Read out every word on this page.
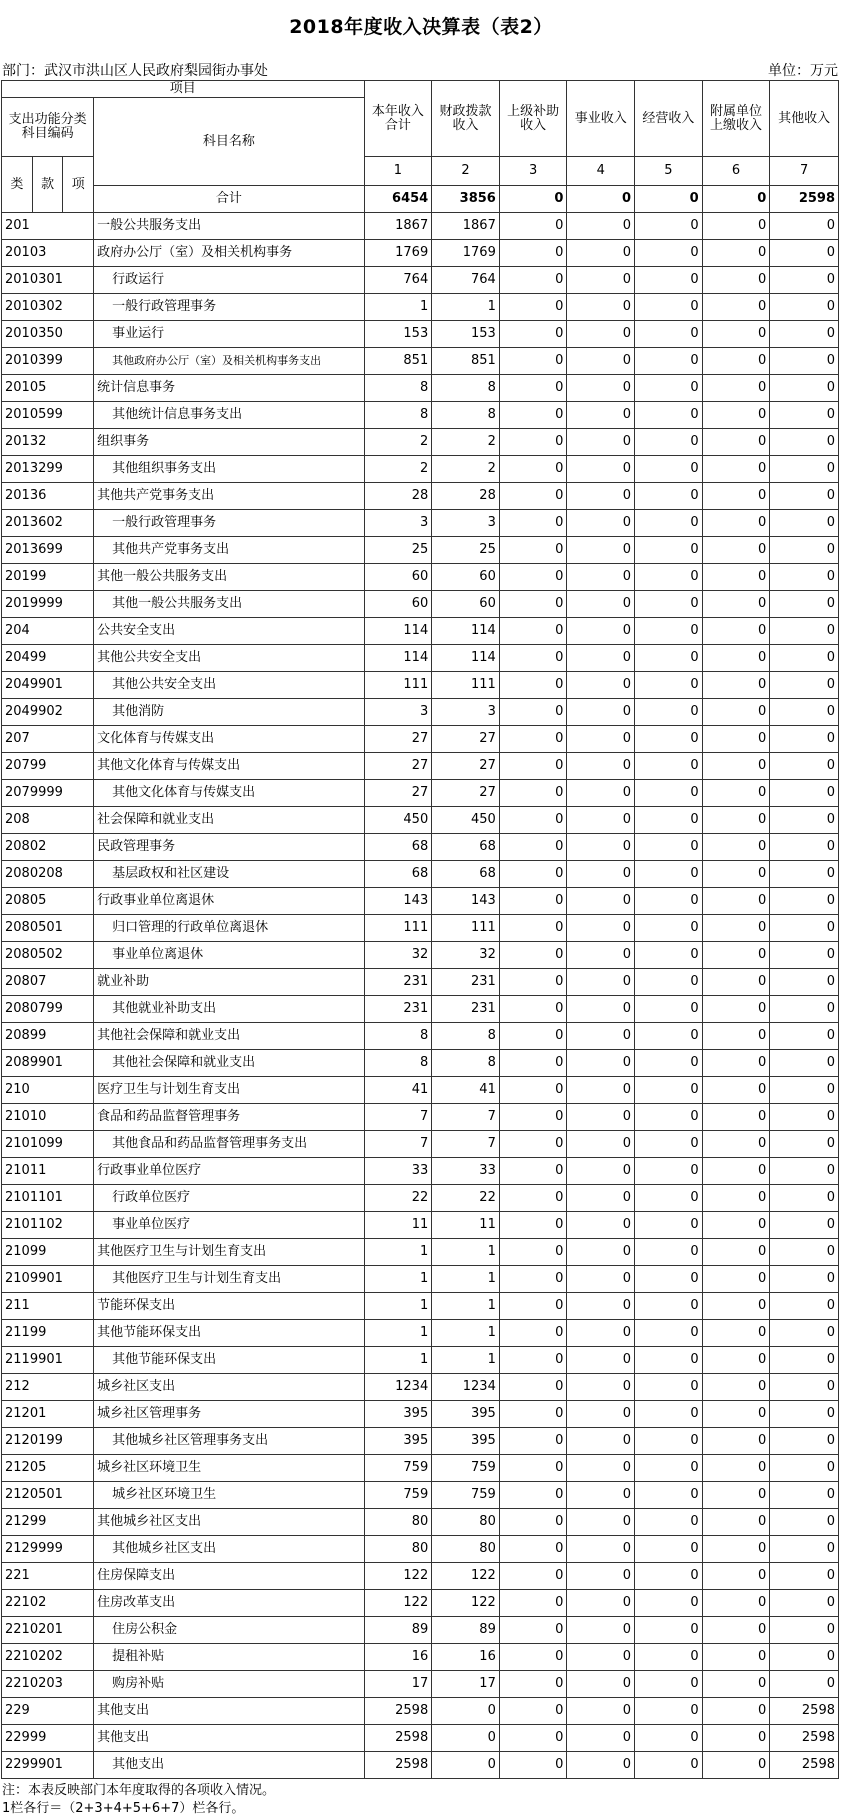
2018年度收入决算表（表2）
部门：武汉市洪山区人民政府梨园街办事处	单位：万元
项目				本年收入合计	财政拨款收入	上级补助收入	事业收入	经营收入	附属单位上缴收入	其他收入
支出功能分类科目编码			科目名称							
类	款	项		1	2	3	4	5	6	7
			合计	6454	3856	0	0	0	0	2598
201			一般公共服务支出	1867	1867	0	0	0	0	0
20103			政府办公厅（室）及相关机构事务	1769	1769	0	0	0	0	0
2010301			行政运行	764	764	0	0	0	0	0
2010302			一般行政管理事务	1	1	0	0	0	0	0
2010350			事业运行	153	153	0	0	0	0	0
2010399			其他政府办公厅（室）及相关机构事务支出	851	851	0	0	0	0	0
20105			统计信息事务	8	8	0	0	0	0	0
2010599			其他统计信息事务支出	8	8	0	0	0	0	0
20132			组织事务	2	2	0	0	0	0	0
2013299			其他组织事务支出	2	2	0	0	0	0	0
20136			其他共产党事务支出	28	28	0	0	0	0	0
2013602			一般行政管理事务	3	3	0	0	0	0	0
2013699			其他共产党事务支出	25	25	0	0	0	0	0
20199			其他一般公共服务支出	60	60	0	0	0	0	0
2019999			其他一般公共服务支出	60	60	0	0	0	0	0
204			公共安全支出	114	114	0	0	0	0	0
20499			其他公共安全支出	114	114	0	0	0	0	0
2049901			其他公共安全支出	111	111	0	0	0	0	0
2049902			其他消防	3	3	0	0	0	0	0
207			文化体育与传媒支出	27	27	0	0	0	0	0
20799			其他文化体育与传媒支出	27	27	0	0	0	0	0
2079999			其他文化体育与传媒支出	27	27	0	0	0	0	0
208			社会保障和就业支出	450	450	0	0	0	0	0
20802			民政管理事务	68	68	0	0	0	0	0
2080208			基层政权和社区建设	68	68	0	0	0	0	0
20805			行政事业单位离退休	143	143	0	0	0	0	0
2080501			归口管理的行政单位离退休	111	111	0	0	0	0	0
2080502			事业单位离退休	32	32	0	0	0	0	0
20807			就业补助	231	231	0	0	0	0	0
2080799			其他就业补助支出	231	231	0	0	0	0	0
20899			其他社会保障和就业支出	8	8	0	0	0	0	0
2089901			其他社会保障和就业支出	8	8	0	0	0	0	0
210			医疗卫生与计划生育支出	41	41	0	0	0	0	0
21010			食品和药品监督管理事务	7	7	0	0	0	0	0
2101099			其他食品和药品监督管理事务支出	7	7	0	0	0	0	0
21011			行政事业单位医疗	33	33	0	0	0	0	0
2101101			行政单位医疗	22	22	0	0	0	0	0
2101102			事业单位医疗	11	11	0	0	0	0	0
21099			其他医疗卫生与计划生育支出	1	1	0	0	0	0	0
2109901			其他医疗卫生与计划生育支出	1	1	0	0	0	0	0
211			节能环保支出	1	1	0	0	0	0	0
21199			其他节能环保支出	1	1	0	0	0	0	0
2119901			其他节能环保支出	1	1	0	0	0	0	0
212			城乡社区支出	1234	1234	0	0	0	0	0
21201			城乡社区管理事务	395	395	0	0	0	0	0
2120199			其他城乡社区管理事务支出	395	395	0	0	0	0	0
21205			城乡社区环境卫生	759	759	0	0	0	0	0
2120501			城乡社区环境卫生	759	759	0	0	0	0	0
21299			其他城乡社区支出	80	80	0	0	0	0	0
2129999			其他城乡社区支出	80	80	0	0	0	0	0
221			住房保障支出	122	122	0	0	0	0	0
22102			住房改革支出	122	122	0	0	0	0	0
2210201			住房公积金	89	89	0	0	0	0	0
2210202			提租补贴	16	16	0	0	0	0	0
2210203			购房补贴	17	17	0	0	0	0	0
229			其他支出	2598	0	0	0	0	0	2598
22999			其他支出	2598	0	0	0	0	0	2598
2299901			其他支出	2598	0	0	0	0	0	2598
注：本表反映部门本年度取得的各项收入情况。
1栏各行＝（2+3+4+5+6+7）栏各行。
